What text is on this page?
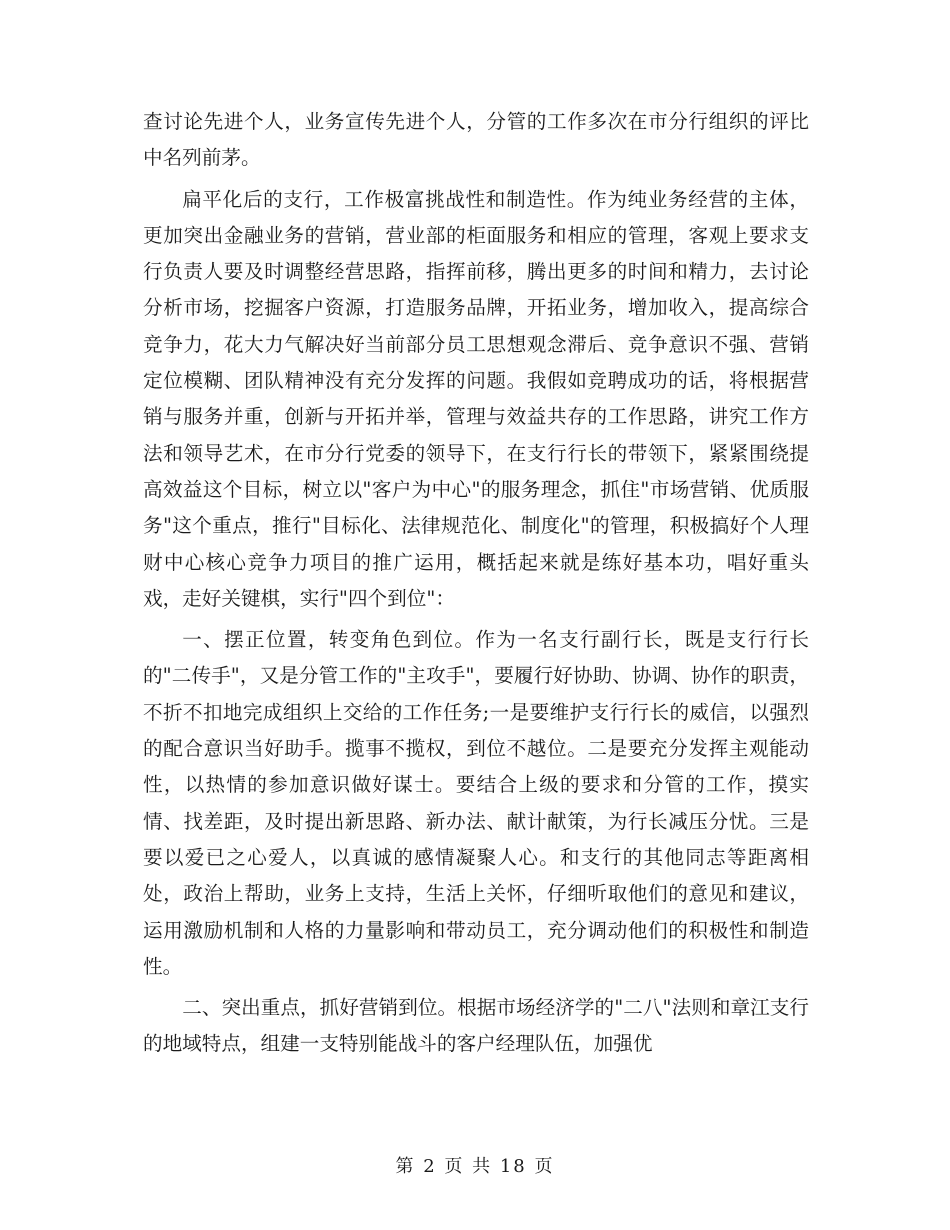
查讨论先进个人，业务宣传先进个人，分管的工作多次在市分行组织的评比中名列前茅。

扁平化后的支行，工作极富挑战性和制造性。作为纯业务经营的主体，更加突出金融业务的营销，营业部的柜面服务和相应的管理，客观上要求支行负责人要及时调整经营思路，指挥前移，腾出更多的时间和精力，去讨论分析市场，挖掘客户资源，打造服务品牌，开拓业务，增加收入，提高综合竞争力，花大力气解决好当前部分员工思想观念滞后、竞争意识不强、营销定位模糊、团队精神没有充分发挥的问题。我假如竞聘成功的话，将根据营销与服务并重，创新与开拓并举，管理与效益共存的工作思路，讲究工作方法和领导艺术，在市分行党委的领导下，在支行行长的带领下，紧紧围绕提高效益这个目标，树立以"客户为中心"的服务理念，抓住"市场营销、优质服务"这个重点，推行"目标化、法律规范化、制度化"的管理，积极搞好个人理财中心核心竞争力项目的推广运用，概括起来就是练好基本功，唱好重头戏，走好关键棋，实行"四个到位"：

一、摆正位置，转变角色到位。作为一名支行副行长，既是支行行长的"二传手"，又是分管工作的"主攻手"，要履行好协助、协调、协作的职责，不折不扣地完成组织上交给的工作任务;一是要维护支行行长的威信，以强烈的配合意识当好助手。揽事不揽权，到位不越位。二是要充分发挥主观能动性，以热情的参加意识做好谋士。要结合上级的要求和分管的工作，摸实情、找差距，及时提出新思路、新办法、献计献策，为行长减压分忧。三是要以爱已之心爱人，以真诚的感情凝聚人心。和支行的其他同志等距离相处，政治上帮助，业务上支持，生活上关怀，仔细听取他们的意见和建议，运用激励机制和人格的力量影响和带动员工，充分调动他们的积极性和制造性。

二、突出重点，抓好营销到位。根据市场经济学的"二八"法则和章江支行的地域特点，组建一支特别能战斗的客户经理队伍，加强优

第 2 页 共 18 页
